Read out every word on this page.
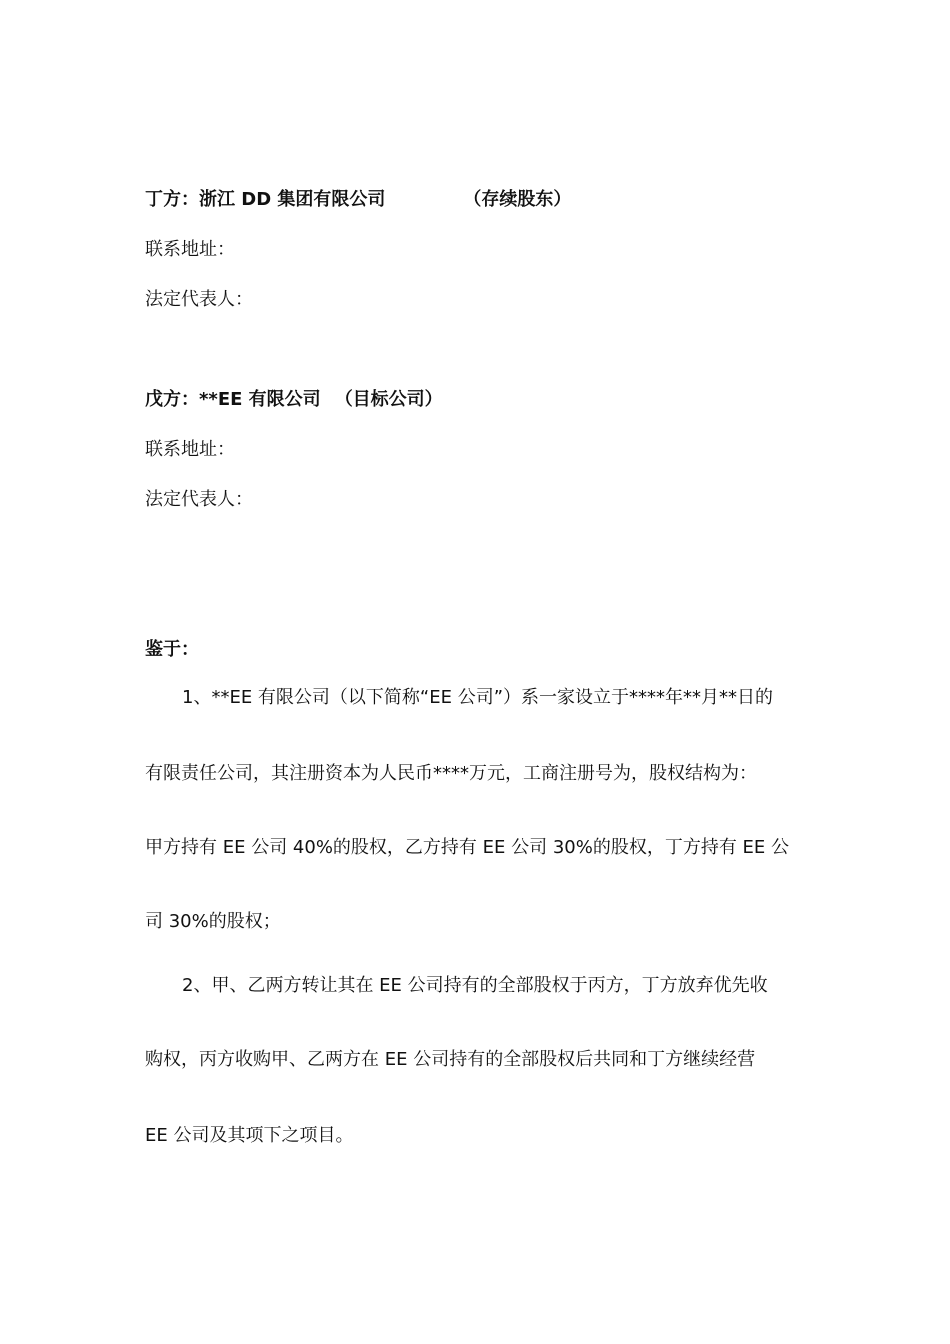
丁方：浙江 DD 集团有限公司	（存续股东）
联系地址：
法定代表人：
戊方：**EE 有限公司 （目标公司）
联系地址：
法定代表人：
鉴于：
1、**EE 有限公司（以下简称“EE 公司”）系一家设立于****年**月**日的
有限责任公司，其注册资本为人民币****万元，工商注册号为，股权结构为：
甲方持有 EE 公司 40%的股权，乙方持有 EE 公司 30%的股权，丁方持有 EE 公
司 30%的股权；
2、甲、乙两方转让其在 EE 公司持有的全部股权于丙方，丁方放弃优先收
购权，丙方收购甲、乙两方在 EE 公司持有的全部股权后共同和丁方继续经营
EE 公司及其项下之项目。
